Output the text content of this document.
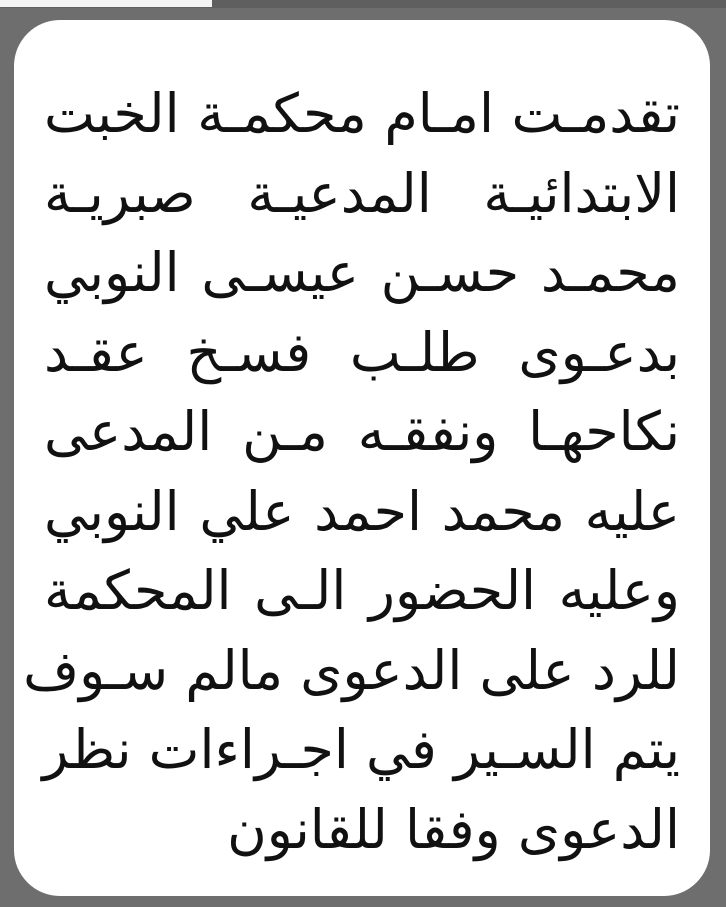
تقدمـت امـام محكمـة الخبت
الابتدائيـة المدعيـة صبريـة
محمـد حسـن عيسـى النوبي
بدعـوى طلـب فسـخ عقـد
نكاحهـا ونفقـه مـن المدعى
عليه محمد احمد علي النوبي
وعليه الحضور الـى المحكمة
للرد على الدعوى مالم سـوف
يتم السـير في اجـراءات نظر
الدعوى وفقا للقانون
